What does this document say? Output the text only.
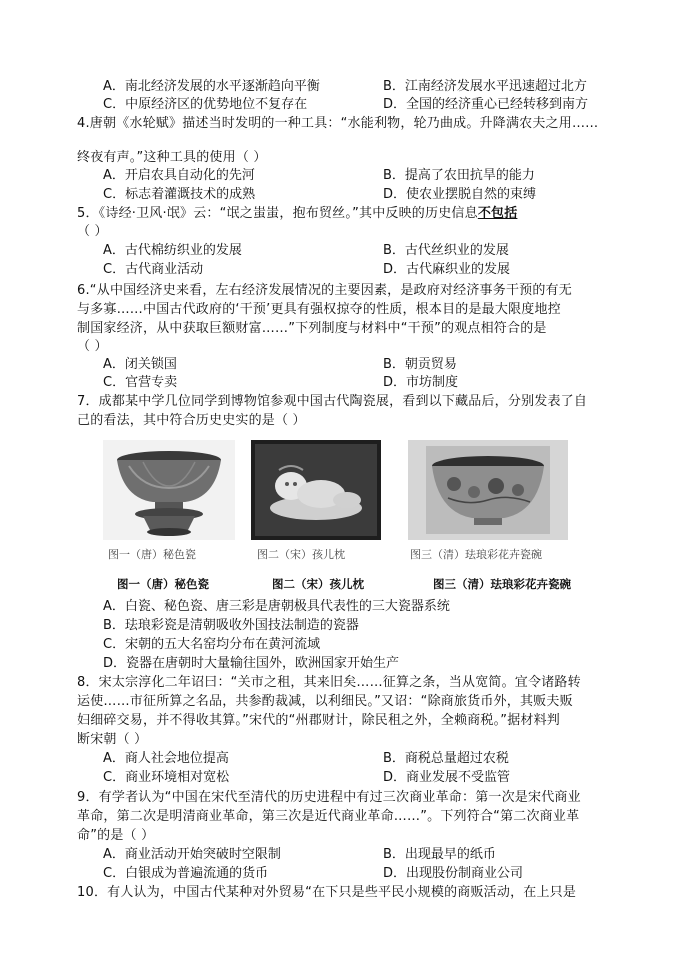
A．南北经济发展的水平逐渐趋向平衡	B．江南经济发展水平迅速超过北方
C．中原经济区的优势地位不复存在	D．全国的经济重心已经转移到南方
4.唐朝《水轮赋》描述当时发明的一种工具：“水能利物，轮乃曲成。升降满农夫之用……
终夜有声。”这种工具的使用（ ）
A．开启农具自动化的先河	B．提高了农田抗旱的能力
C．标志着灌溉技术的成熟	D．使农业摆脱自然的束缚
5．《诗经·卫风·氓》云：“氓之蚩蚩，抱布贸丝。”其中反映的历史信息不包括
（ ）
A．古代棉纺织业的发展	B．古代丝织业的发展
C．古代商业活动	D．古代麻织业的发展
6.“从中国经济史来看，左右经济发展情况的主要因素，是政府对经济事务干预的有无
与多寡……中国古代政府的‘干预’更具有强权掠夺的性质，根本目的是最大限度地控
制国家经济，从中获取巨额财富……”下列制度与材料中“干预”的观点相符合的是
（ ）
A．闭关锁国	B．朝贡贸易
C．官营专卖	D．市坊制度
7．成都某中学几位同学到博物馆参观中国古代陶瓷展，看到以下藏品后，分别发表了自
己的看法，其中符合历史史实的是（ ）
图一（唐）秘色瓷	图二（宋）孩儿枕	图三（清）珐琅彩花卉瓷碗
图一（唐）秘色瓷	图二（宋）孩儿枕	图三（清）珐琅彩花卉瓷碗
A．白瓷、秘色瓷、唐三彩是唐朝极具代表性的三大瓷器系统
B．珐琅彩瓷是清朝吸收外国技法制造的瓷器
C．宋朝的五大名窑均分布在黄河流域
D．瓷器在唐朝时大量输往国外，欧洲国家开始生产
8．宋太宗淳化二年诏曰：“关市之租，其来旧矣……征算之条，当从宽简。宜令诸路转
运使……市征所算之名品，共参酌裁减，以利细民。”又诏：“除商旅货币外，其贩夫贩
妇细碎交易，并不得收其算。”宋代的“州郡财计，除民租之外，全赖商税。”据材料判
断宋朝（ ）
A．商人社会地位提高	B．商税总量超过农税
C．商业环境相对宽松	D．商业发展不受监管
9．有学者认为“中国在宋代至清代的历史进程中有过三次商业革命：第一次是宋代商业
革命，第二次是明清商业革命，第三次是近代商业革命……”。下列符合“第二次商业革
命”的是（ ）
A．商业活动开始突破时空限制	B．出现最早的纸币
C．白银成为普遍流通的货币	D．出现股份制商业公司
10．有人认为，中国古代某种对外贸易“在下只是些平民小规模的商贩活动，在上只是
